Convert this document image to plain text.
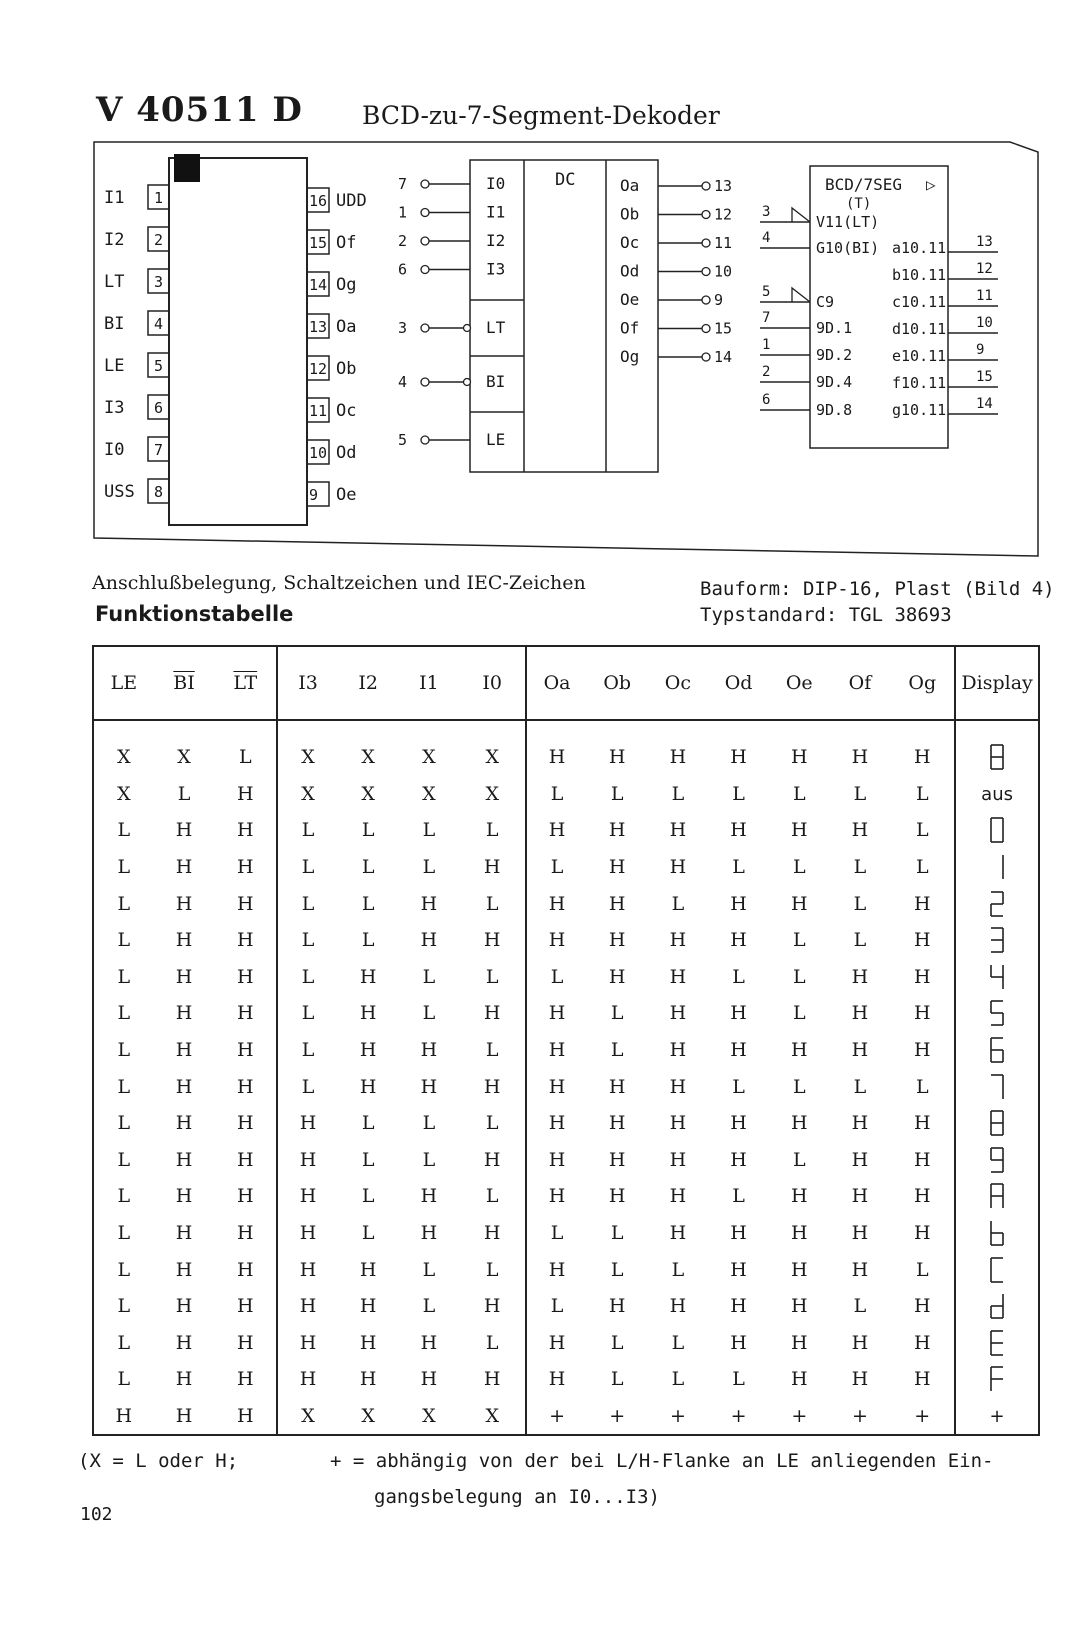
V 40511 D BCD-zu-7-Segment-Dekoder
1
I1
2
I2
3
LT
4
BI
5
LE
6
I3
7
I0
8
USS
16 UDD
15 Of
14 Og
13 Oa
12 Ob
11 Oc
10 Od
9 Oe
DC
7	I0
1	I1
2	I2
6	I3
3	LT
4	BI
5	LE
Oa	13
Ob	12
Oc	11
Od	10
Oe	9
Of	15
Og	14
BCD/7SEG ▷
(T)
3
V11(LT)
4
G10(BI)
5
C9
7
9D.1
1
9D.2
2
9D.4
6
9D.8
a10.11 13
b10.11 12
c10.11 11
d10.11 10
e10.11 9
f10.11 15
g10.11 14
Anschlußbelegung, Schaltzeichen und IEC-Zeichen	Bauform: DIP-16, Plast (Bild 4)
Typstandard: TGL 38693
Funktionstabelle
LE	$\overline{BI}$	$\overline{LT}$	I3	I2	I1	I0	Oa	Ob	Oc	Od	Oe	Of	Og	Display
X	X	L	X	X	X	X	H	H	H	H	H	H	H	
X	L	H	X	X	X	X	L	L	L	L	L	L	L	aus
L	H	H	L	L	L	L	H	H	H	H	H	H	L	
L	H	H	L	L	L	H	L	H	H	L	L	L	L	
L	H	H	L	L	H	L	H	H	L	H	H	L	H	
L	H	H	L	L	H	H	H	H	H	H	L	L	H	
L	H	H	L	H	L	L	L	H	H	L	L	H	H	
L	H	H	L	H	L	H	H	L	H	H	L	H	H	
L	H	H	L	H	H	L	H	L	H	H	H	H	H	
L	H	H	L	H	H	H	H	H	H	L	L	L	L	
L	H	H	H	L	L	L	H	H	H	H	H	H	H	
L	H	H	H	L	L	H	H	H	H	H	L	H	H	
L	H	H	H	L	H	L	H	H	H	L	H	H	H	
L	H	H	H	L	H	H	L	L	H	H	H	H	H	
L	H	H	H	H	L	L	H	L	L	H	H	H	L	
L	H	H	H	H	L	H	L	H	H	H	H	L	H	
L	H	H	H	H	H	L	H	L	L	H	H	H	H	
L	H	H	H	H	H	H	H	L	L	L	H	H	H	
H	H	H	X	X	X	X	+	+	+	+	+	+	+	+
(X = L oder H;	+ = abhängig von der bei L/H-Flanke an LE anliegenden Ein-
gangsbelegung an I0...I3)
102
